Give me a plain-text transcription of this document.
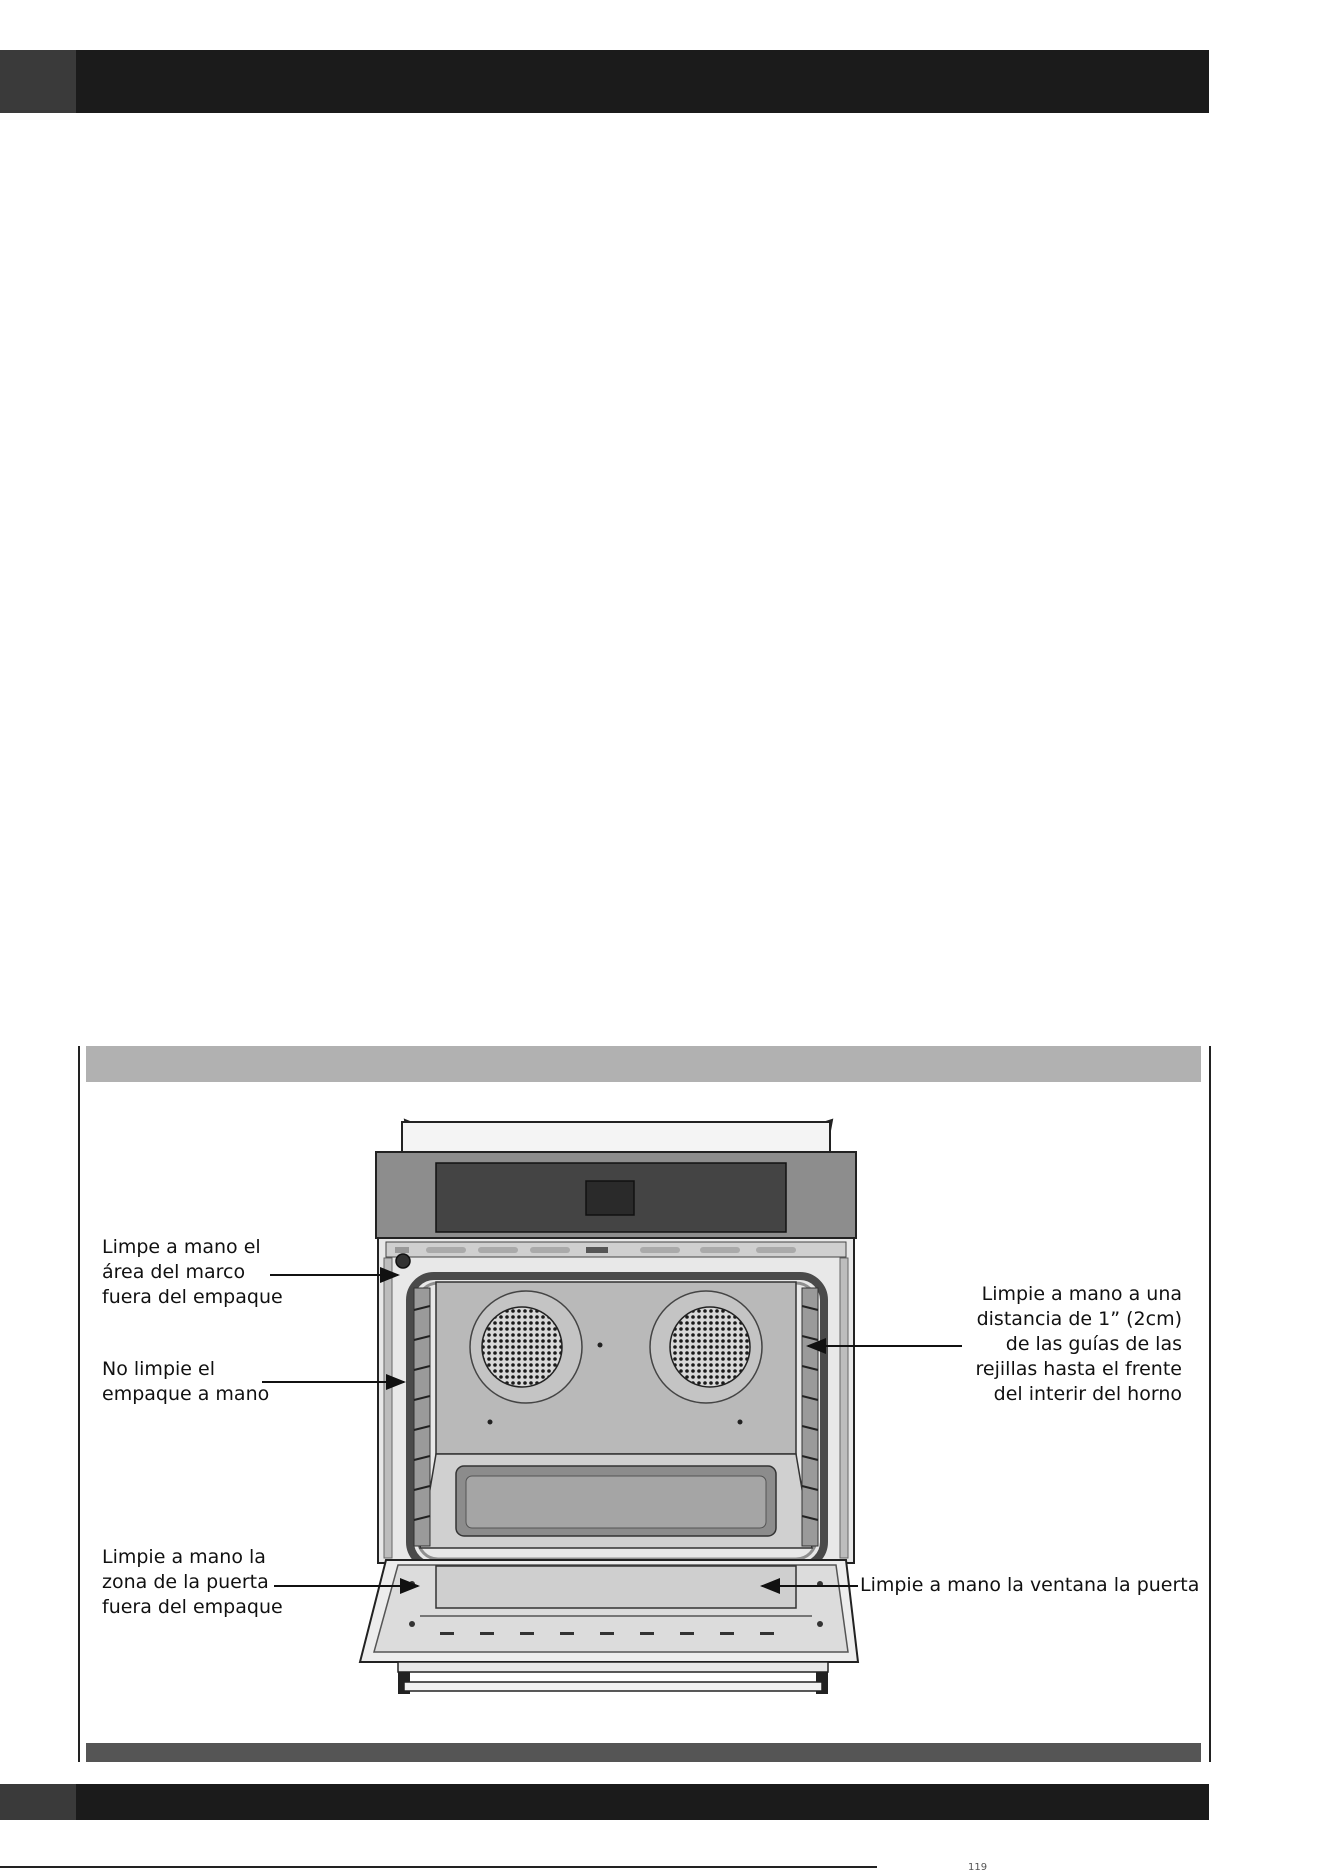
Limpe a mano el
área del marco
fuera del empaque
No limpie el
empaque a mano
Limpie a mano la
zona de la puerta
fuera del empaque
Limpie a mano a una
distancia de 1” (2cm)
de las guías de las
rejillas hasta el frente
del interir del horno
Limpie a mano la ventana la puerta
119
